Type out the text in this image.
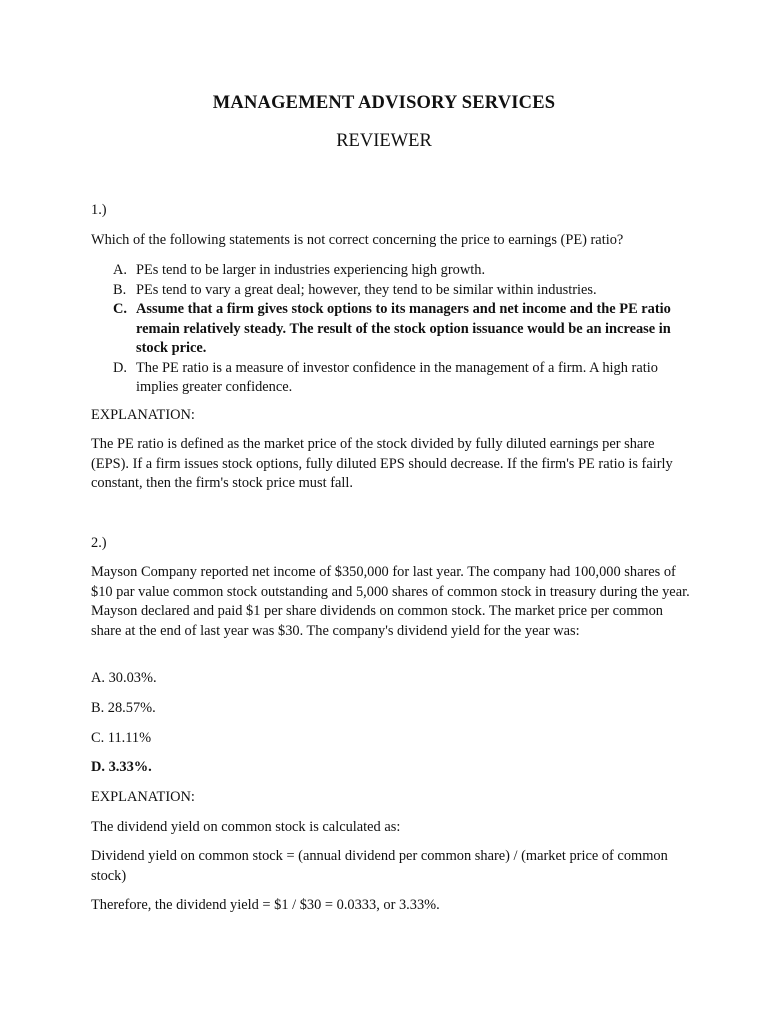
MANAGEMENT ADVISORY SERVICES
REVIEWER

1.)

Which of the following statements is not correct concerning the price to earnings (PE) ratio?

A. PEs tend to be larger in industries experiencing high growth.
B. PEs tend to vary a great deal; however, they tend to be similar within industries.
C. Assume that a firm gives stock options to its managers and net income and the PE ratio remain relatively steady. The result of the stock option issuance would be an increase in stock price.
D. The PE ratio is a measure of investor confidence in the management of a firm. A high ratio implies greater confidence.

EXPLANATION:

The PE ratio is defined as the market price of the stock divided by fully diluted earnings per share (EPS). If a firm issues stock options, fully diluted EPS should decrease. If the firm's PE ratio is fairly constant, then the firm's stock price must fall.

2.)

Mayson Company reported net income of $350,000 for last year. The company had 100,000 shares of $10 par value common stock outstanding and 5,000 shares of common stock in treasury during the year. Mayson declared and paid $1 per share dividends on common stock. The market price per common share at the end of last year was $30. The company's dividend yield for the year was:

A. 30.03%.

B. 28.57%.

C. 11.11%

D. 3.33%.

EXPLANATION:

The dividend yield on common stock is calculated as:

Dividend yield on common stock = (annual dividend per common share) / (market price of common stock)

Therefore, the dividend yield = $1 / $30 = 0.0333, or 3.33%.
